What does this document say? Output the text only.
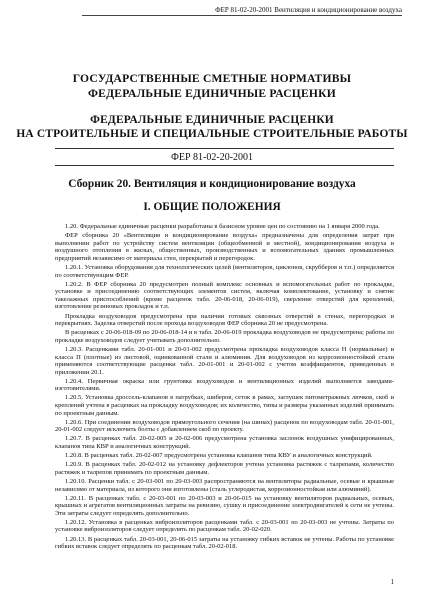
ФЕР 81-02-20-2001 Вентиляция и кондиционирование воздуха
ГОСУДАРСТВЕННЫЕ СМЕТНЫЕ НОРМАТИВЫ
ФЕДЕРАЛЬНЫЕ ЕДИНИЧНЫЕ РАСЦЕНКИ
ФЕДЕРАЛЬНЫЕ ЕДИНИЧНЫЕ РАСЦЕНКИ
НА СТРОИТЕЛЬНЫЕ И СПЕЦИАЛЬНЫЕ СТРОИТЕЛЬНЫЕ РАБОТЫ
ФЕР 81-02-20-2001
Сборник 20. Вентиляция и кондиционирование воздуха
I. ОБЩИЕ ПОЛОЖЕНИЯ

1.20. Федеральные единичные расценки разработаны в базисном уровне цен по состоянию на 1 января 2000 года.

ФЕР сборника 20 «Вентиляция и кондиционирование воздуха» предназначены для определения затрат при выполнении работ по устройству систем вентиляции (общеобменной и местной), кондиционирования воздуха и воздушного отопления в жилых, общественных, производственных и вспомогательных зданиях промышленных предприятий независимо от материала стен, перекрытий и перегородок.

1.20.1. Установка оборудования для технологических целей (вентиляторов, циклонов, скрубберов и т.п.) определяется по соответствующим ФЕР.

1.20.2. В ФЕР сборника 20 предусмотрен полный комплекс основных и вспомогательных работ по прокладке, установке и присоединению соответствующих элементов систем, включая комплектование, установку и снятие такелажных приспособлений (кроме расценок табл. 20-06-018, 20-06-019), сверление отверстий для креплений, изготовление резиновых прокладок и т.п.

Прокладка воздуховодов предусмотрена при наличии готовых сквозных отверстий в стенах, перегородках и перекрытиях. Заделка отверстий после прохода воздуховодов ФЕР сборника 20 не предусмотрена.

В расценках с 20-06-018-09 по 20-06-018-14 и в табл. 20-06-019 прокладка воздуховодов не предусмотрена; работы по прокладке воздуховодов следует учитывать дополнительно.

1.20.3. Расценками табл. 20-01-001 и 20-01-002 предусмотрена прокладка воздуховодов класса Н (нормальные) и класса П (плотные) из листовой, оцинкованной стали и алюминия. Для воздуховодов из коррозионностойкой стали применяются соответствующие расценки табл. 20-01-001 и 20-01-002 с учетом коэффициентов, приведенных в приложении 20.1.

1.20.4. Первичная окраска или грунтовка воздуховодов и вентиляционных изделий выполняется заводами-изготовителями.

1.20.5. Установка дроссель-клапанов в патрубках, шиберов, сеток в рамах, заглушек питометражных лючков, скоб и креплений учтена в расценках на прокладку воздуховодов; их количество, типы и размеры указанных изделий принимать по проектным данным.

1.20.6. При соединении воздуховодов прямоугольного сечения (на шинах) расценок по воздуховодам табл. 20-01-001, 20-01-002 следует исключить болты с добавлением скоб по проекту.

1.20.7. В расценках табл. 20-02-005 и 20-02-006 предусмотрена установка заслонок воздушных унифицированных, клапанов типа КВР и аналогичных конструкций.

1.20.8. В расценках табл. 20-02-007 предусмотрена установка клапанов типа КВУ и аналогичных конструкций.

1.20.9. В расценках табл. 20-02-012 на установку дефлекторов учтена установка растяжек с талрепами, количество растяжек и талрепов принимать по проектным данным.

1.20.10. Расценки табл. с 20-03-001 по 20-03-003 распространяются на вентиляторы радиальные, осевые и крышные независимо от материала, из которого они изготовлены (сталь углеродистая, коррозионностойкая или алюминий).

1.20.11. В расценках табл. с 20-03-001 по 20-03-003 и 20-06-015 на установку вентиляторов радиальных, осевых, крышных и агрегатов вентиляционных затраты на ревизию, сушку и присоединение электродвигателей к сети не учтены. Эти затраты следует определять дополнительно.

1.20.12. Установка в расценках виброизоляторов расценками табл. с 20-03-001 по 20-03-003 не учтены. Затраты по установке виброизоляторов следует определять по расценкам табл. 20-02-020.

1.20.13. В расценках табл. 20-03-001, 20-06-015 затраты на установку гибких вставок не учтены. Работы по установке гибких вставок следует определять по расценкам табл. 20-02-018.

1
